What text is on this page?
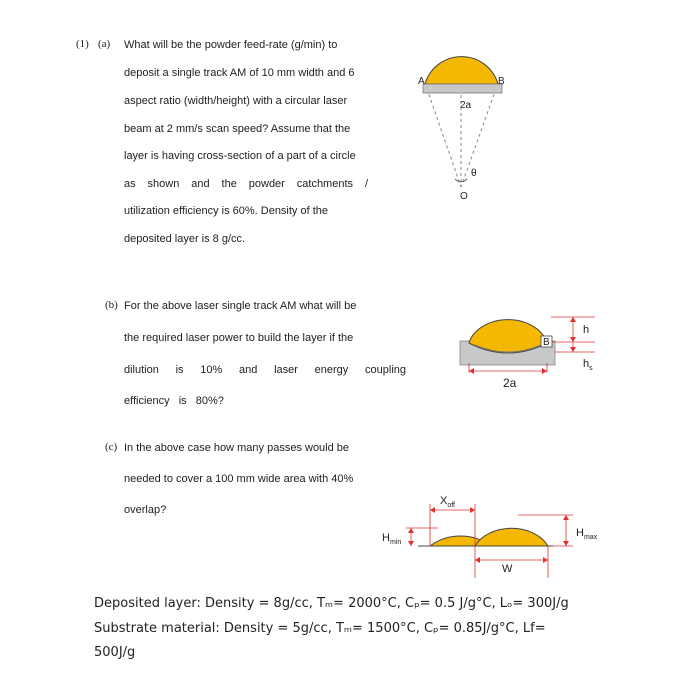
(1) (a) What will be the powder feed-rate (g/min) to
deposit a single track AM of 10 mm width and 6
aspect ratio (width/height) with a circular laser
beam at 2 mm/s scan speed? Assume that the
layer is having cross-section of a part of a circle
as shown and the powder catchments /
utilization efficiency is 60%. Density of the
deposited layer is 8 g/cc.
A	B
2a
θ
O
(b) For the above laser single track AM what will be
the required laser power to build the layer if the
dilution is 10% and laser energy coupling
efficiency is 80%?
B
h
$h_s$
2a
(c) In the above case how many passes would be
needed to cover a 100 mm wide area with 40%
overlap?
$X_{off}$
$H_{min}$
$H_{max}$
W
Deposited layer: Density = 8g/cc, Tₘ= 2000°C, Cₚ= 0.5 J/g°C, Lₒ= 300J/g
Substrate material: Density = 5g/cc, Tₘ= 1500°C, Cₚ= 0.85J/g°C, Lf=
500J/g
